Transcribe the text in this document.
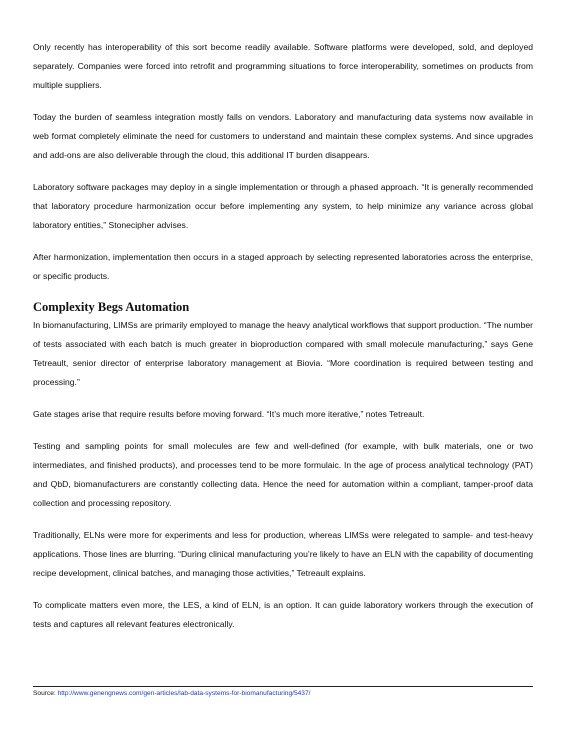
Only recently has interoperability of this sort become readily available. Software platforms were developed, sold, and deployed separately. Companies were forced into retrofit and programming situations to force interoperability, sometimes on products from multiple suppliers.

Today the burden of seamless integration mostly falls on vendors. Laboratory and manufacturing data systems now available in web format completely eliminate the need for customers to understand and maintain these complex systems. And since upgrades and add-ons are also deliverable through the cloud, this additional IT burden disappears.

Laboratory software packages may deploy in a single implementation or through a phased approach. “It is generally recommended that laboratory procedure harmonization occur before implementing any system, to help minimize any variance across global laboratory entities,” Stonecipher advises.

After harmonization, implementation then occurs in a staged approach by selecting represented laboratories across the enterprise, or specific products.

Complexity Begs Automation

In biomanufacturing, LIMSs are primarily employed to manage the heavy analytical workflows that support production. “The number of tests associated with each batch is much greater in bioproduction compared with small molecule manufacturing,” says Gene Tetreault, senior director of enterprise laboratory management at Biovia. “More coordination is required between testing and processing.”

Gate stages arise that require results before moving forward. “It’s much more iterative,” notes Tetreault.

Testing and sampling points for small molecules are few and well-defined (for example, with bulk materials, one or two intermediates, and finished products), and processes tend to be more formulaic. In the age of process analytical technology (PAT) and QbD, biomanufacturers are constantly collecting data. Hence the need for automation within a compliant, tamper-proof data collection and processing repository.

Traditionally, ELNs were more for experiments and less for production, whereas LIMSs were relegated to sample- and test-heavy applications. Those lines are blurring. “During clinical manufacturing you’re likely to have an ELN with the capability of documenting recipe development, clinical batches, and managing those activities,” Tetreault explains.

To complicate matters even more, the LES, a kind of ELN, is an option. It can guide laboratory workers through the execution of tests and captures all relevant features electronically.

Source: http://www.genengnews.com/gen-articles/lab-data-systems-for-biomanufacturing/5437/
